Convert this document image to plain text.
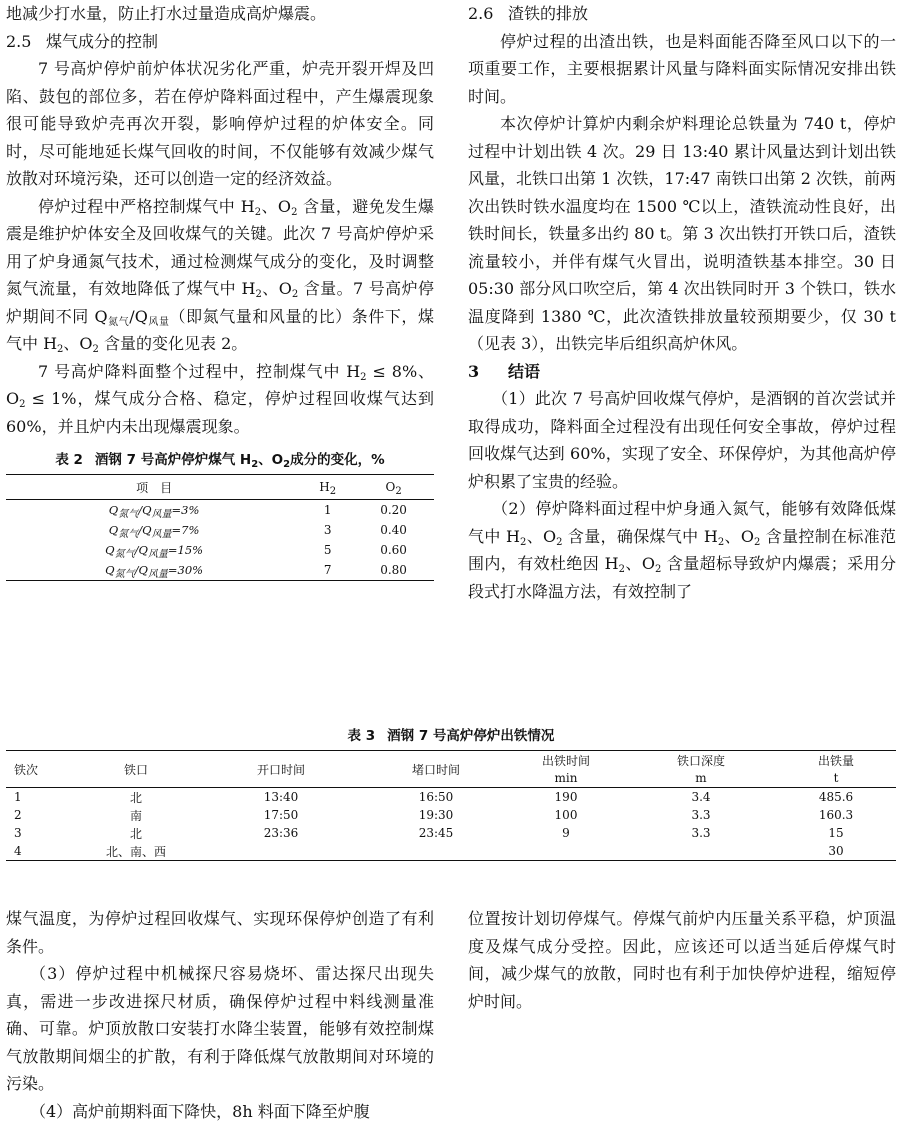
地减少打水量，防止打水过量造成高炉爆震。

2.5 煤气成分的控制

7 号高炉停炉前炉体状况劣化严重，炉壳开裂开焊及凹陷、鼓包的部位多，若在停炉降料面过程中，产生爆震现象很可能导致炉壳再次开裂，影响停炉过程的炉体安全。同时，尽可能地延长煤气回收的时间，不仅能够有效减少煤气放散对环境污染，还可以创造一定的经济效益。

停炉过程中严格控制煤气中 $H_2$、$O_2$ 含量，避免发生爆震是维护炉体安全及回收煤气的关键。此次 7 号高炉停炉采用了炉身通氮气技术，通过检测煤气成分的变化，及时调整氮气流量，有效地降低了煤气中 $H_2$、$O_2$ 含量。7 号高炉停炉期间不同 $Q_{氮气}/Q_{风量}$（即氮气量和风量的比）条件下，煤气中 $H_2$、$O_2$ 含量的变化见表 2。

7 号高炉降料面整个过程中，控制煤气中 $H_2 \le 8\%$、$O_2 \le 1\%$，煤气成分合格、稳定，停炉过程回收煤气达到 60%，并且炉内未出现爆震现象。

表 2 酒钢 7 号高炉停炉煤气 $H_2$、$O_2$成分的变化，%
项　目	$H_2$	$O_2$
$Q_{氮气}/Q_{风量}=3\%$	1	0.20
$Q_{氮气}/Q_{风量}=7\%$	3	0.40
$Q_{氮气}/Q_{风量}=15\%$	5	0.60
$Q_{氮气}/Q_{风量}=30\%$	7	0.80
2.6 渣铁的排放

停炉过程的出渣出铁，也是料面能否降至风口以下的一项重要工作，主要根据累计风量与降料面实际情况安排出铁时间。

本次停炉计算炉内剩余炉料理论总铁量为 740 t，停炉过程中计划出铁 4 次。29 日 13:40 累计风量达到计划出铁风量，北铁口出第 1 次铁，17:47 南铁口出第 2 次铁，前两次出铁时铁水温度均在 1500 ℃以上，渣铁流动性良好，出铁时间长，铁量多出约 80 t。第 3 次出铁打开铁口后，渣铁流量较小，并伴有煤气火冒出，说明渣铁基本排空。30 日 05:30 部分风口吹空后，第 4 次出铁同时开 3 个铁口，铁水温度降到 1380 ℃，此次渣铁排放量较预期要少，仅 30 t（见表 3），出铁完毕后组织高炉休风。

3 结语

（1）此次 7 号高炉回收煤气停炉，是酒钢的首次尝试并取得成功，降料面全过程没有出现任何安全事故，停炉过程回收煤气达到 60%，实现了安全、环保停炉，为其他高炉停炉积累了宝贵的经验。

（2）停炉降料面过程中炉身通入氮气，能够有效降低煤气中 $H_2$、$O_2$ 含量，确保煤气中 $H_2$、$O_2$ 含量控制在标准范围内，有效杜绝因 $H_2$、$O_2$ 含量超标导致炉内爆震；采用分段式打水降温方法，有效控制了

表 3 酒钢 7 号高炉停炉出铁情况
铁次	铁口	开口时间	堵口时间	出铁时间	铁口深度	出铁量
				min	m	t
1	北	13:40	16:50	190	3.4	485.6
2	南	17:50	19:30	100	3.3	160.3
3	北	23:36	23:45	9	3.3	15
4	北、南、西					30

煤气温度，为停炉过程回收煤气、实现环保停炉创造了有利条件。

（3）停炉过程中机械探尺容易烧坏、雷达探尺出现失真，需进一步改进探尺材质，确保停炉过程中料线测量准确、可靠。炉顶放散口安装打水降尘装置，能够有效控制煤气放散期间烟尘的扩散，有利于降低煤气放散期间对环境的污染。

（4）高炉前期料面下降快，8h 料面下降至炉腹

位置按计划切停煤气。停煤气前炉内压量关系平稳，炉顶温度及煤气成分受控。因此，应该还可以适当延后停煤气时间，减少煤气的放散，同时也有利于加快停炉进程，缩短停炉时间。
